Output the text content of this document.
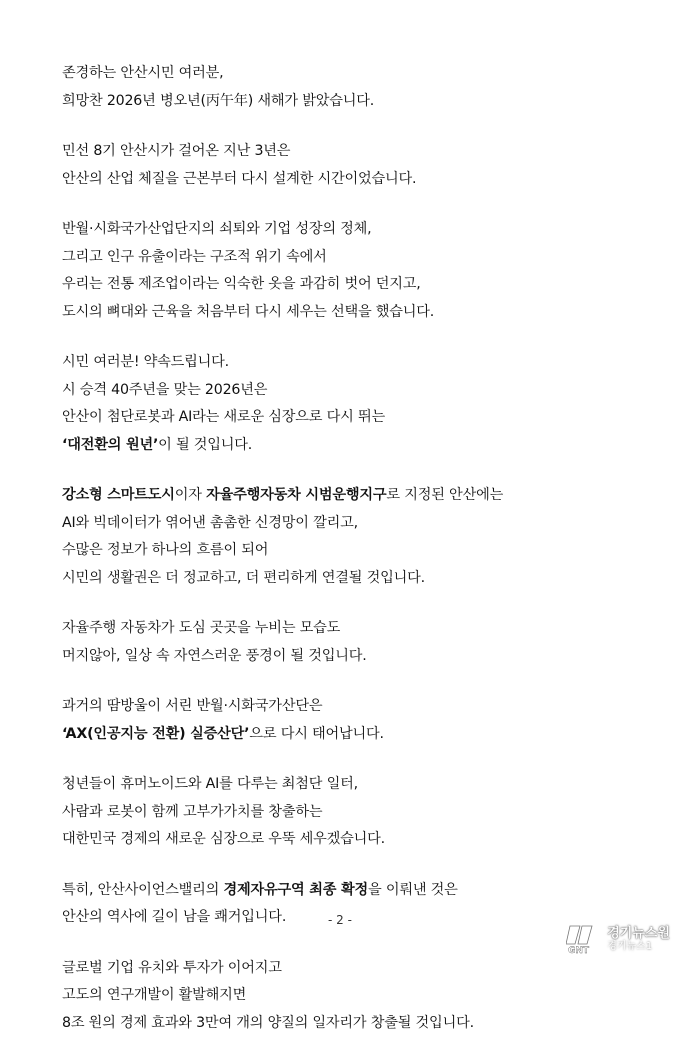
존경하는 안산시민 여러분,
희망찬 2026년 병오년(丙午年) 새해가 밝았습니다.
민선 8기 안산시가 걸어온 지난 3년은
안산의 산업 체질을 근본부터 다시 설계한 시간이었습니다.
반월·시화국가산업단지의 쇠퇴와 기업 성장의 정체,
그리고 인구 유출이라는 구조적 위기 속에서
우리는 전통 제조업이라는 익숙한 옷을 과감히 벗어 던지고,
도시의 뼈대와 근육을 처음부터 다시 세우는 선택을 했습니다.
시민 여러분! 약속드립니다.
시 승격 40주년을 맞는 2026년은
안산이 첨단로봇과 AI라는 새로운 심장으로 다시 뛰는
‘대전환의 원년’이 될 것입니다.
강소형 스마트도시이자 자율주행자동차 시범운행지구로 지정된 안산에는
AI와 빅데이터가 엮어낸 촘촘한 신경망이 깔리고,
수많은 정보가 하나의 흐름이 되어
시민의 생활권은 더 정교하고, 더 편리하게 연결될 것입니다.
자율주행 자동차가 도심 곳곳을 누비는 모습도
머지않아, 일상 속 자연스러운 풍경이 될 것입니다.
과거의 땀방울이 서린 반월·시화국가산단은
‘AX(인공지능 전환) 실증산단’으로 다시 태어납니다.
청년들이 휴머노이드와 AI를 다루는 최첨단 일터,
사람과 로봇이 함께 고부가가치를 창출하는
대한민국 경제의 새로운 심장으로 우뚝 세우겠습니다.
특히, 안산사이언스밸리의 경제자유구역 최종 확정을 이뤄낸 것은
안산의 역사에 길이 남을 쾌거입니다.
글로벌 기업 유치와 투자가 이어지고
고도의 연구개발이 활발해지면
8조 원의 경제 효과와 3만여 개의 양질의 일자리가 창출될 것입니다.
- 2 -
GNT
경기뉴스원
경기뉴스1
